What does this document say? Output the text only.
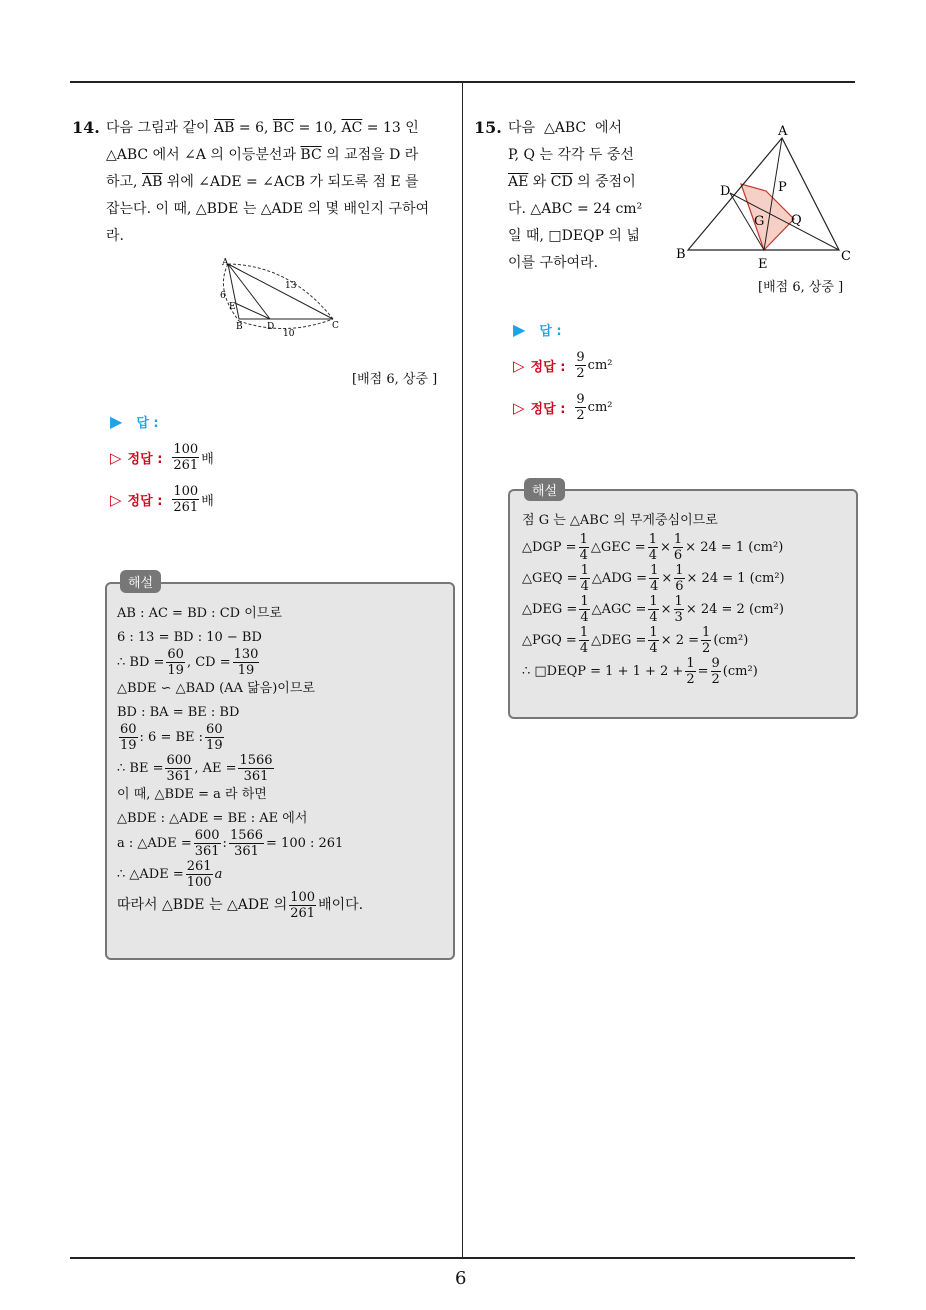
6
14. 다음 그림과 같이 $\overline{AB} = 6$, $\overline{BC} = 10$, $\overline{AC} = 13$ 인
△ABC 에서 ∠A 의 이등분선과 $\overline{BC}$ 의 교점을 D 라
하고, $\overline{AB}$ 위에 ∠ADE = ∠ACB 가 되도록 점 E 를
잡는다. 이 때, △BDE 는 △ADE 의 몇 배인지 구하여
라.
A
E
B	D	C
6
13
10
[배점 6, 상중 ]
▶ 답 :
▷ 정답 : $\frac{100}{261}$ 배
▷ 정답 : $\frac{100}{261}$ 배
해설
AB : AC = BD : CD 이므로
6 : 13 = BD : 10 − BD
∴ BD = $\frac{60}{19}$ , CD = $\frac{130}{19}$
△BDE ∽ △BAD (AA 닮음)이므로
BD : BA = BE : BD
$\frac{60}{19}$ : 6 = BE : $\frac{60}{19}$
∴ BE = $\frac{600}{361}$ , AE = $\frac{1566}{361}$
이 때, △BDE = a 라 하면
△BDE : △ADE = BE : AE 에서
a : △ADE = $\frac{600}{361}$ : $\frac{1566}{361} = 100$ : 261
∴ △ADE = $\frac{261}{100}$ a
따라서 △BDE 는 △ADE 의 $\frac{100}{261}$ 배이다.
15. 다음  △ABC  에서
P, Q 는 각각 두 중선
$\overline{AE}$ 와 $\overline{CD}$ 의 중점이
다. △ABC = 24 cm²
일 때, □DEQP 의 넓
이를 구하여라.
A
B	C
D
E
P
Q
G
[배점 6, 상중 ]
▶ 답 :
▷ 정답 : $\frac{9}{2} cm^2$
▷ 정답 : $\frac{9}{2} cm^2$
해설
점 G 는 △ABC 의 무게중심이므로
△DGP = $\frac{1}{4}$ △GEC = $\frac{1}{4} \times \frac{1}{6} \times 24 = 1$ (cm²)
△GEQ = $\frac{1}{4}$ △ADG = $\frac{1}{4} \times \frac{1}{6} \times 24 = 1$ (cm²)
△DEG = $\frac{1}{4}$ △AGC = $\frac{1}{4} \times \frac{1}{3} \times 24 = 2$ (cm²)
△PGQ = $\frac{1}{4}$ △DEG = $\frac{1}{4} \times 2 = \frac{1}{2} (cm^2)$
∴ □DEQP = $1 + 1 + 2 + \frac{1}{2} = \frac{9}{2} (cm^2)$
